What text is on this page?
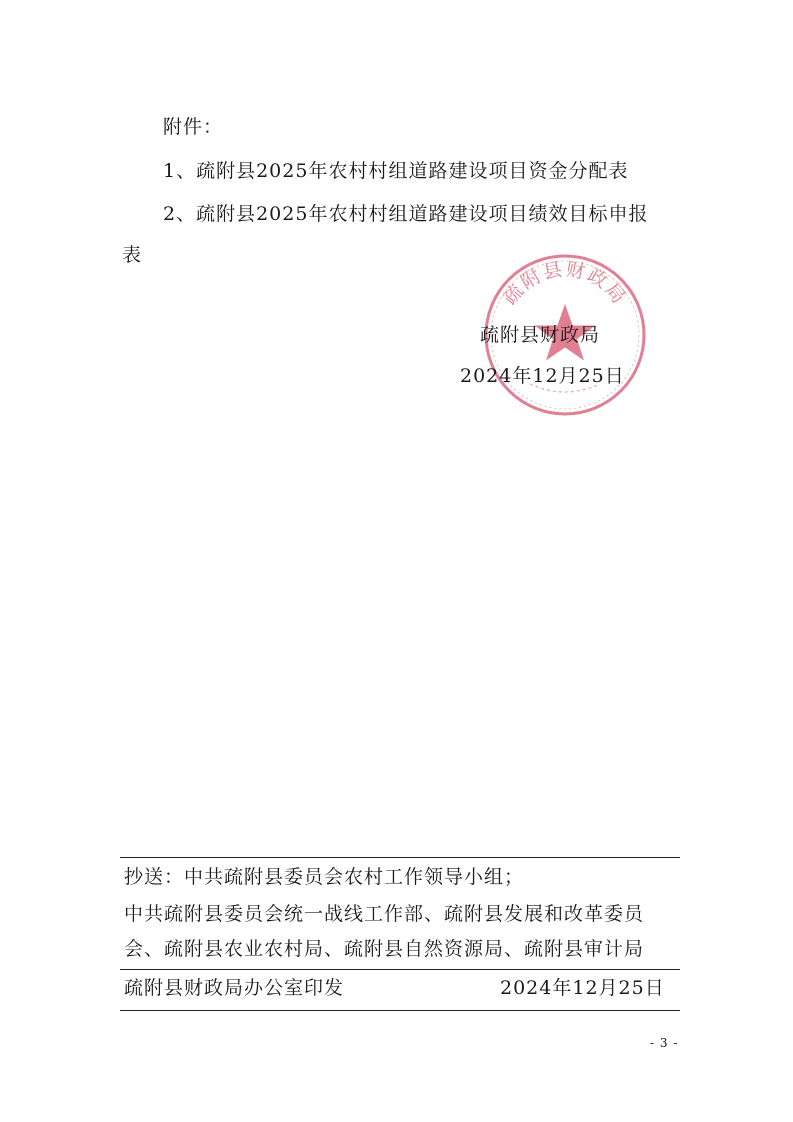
附件：
1、疏附县2025年农村村组道路建设项目资金分配表
2、疏附县2025年农村村组道路建设项目绩效目标申报
表
疏附县财政局
疏附县财政局
2024年12月25日
抄送：中共疏附县委员会农村工作领导小组；
中共疏附县委员会统一战线工作部、疏附县发展和改革委员
会、疏附县农业农村局、疏附县自然资源局、疏附县审计局
疏附县财政局办公室印发	2024年12月25日
- 3 -
